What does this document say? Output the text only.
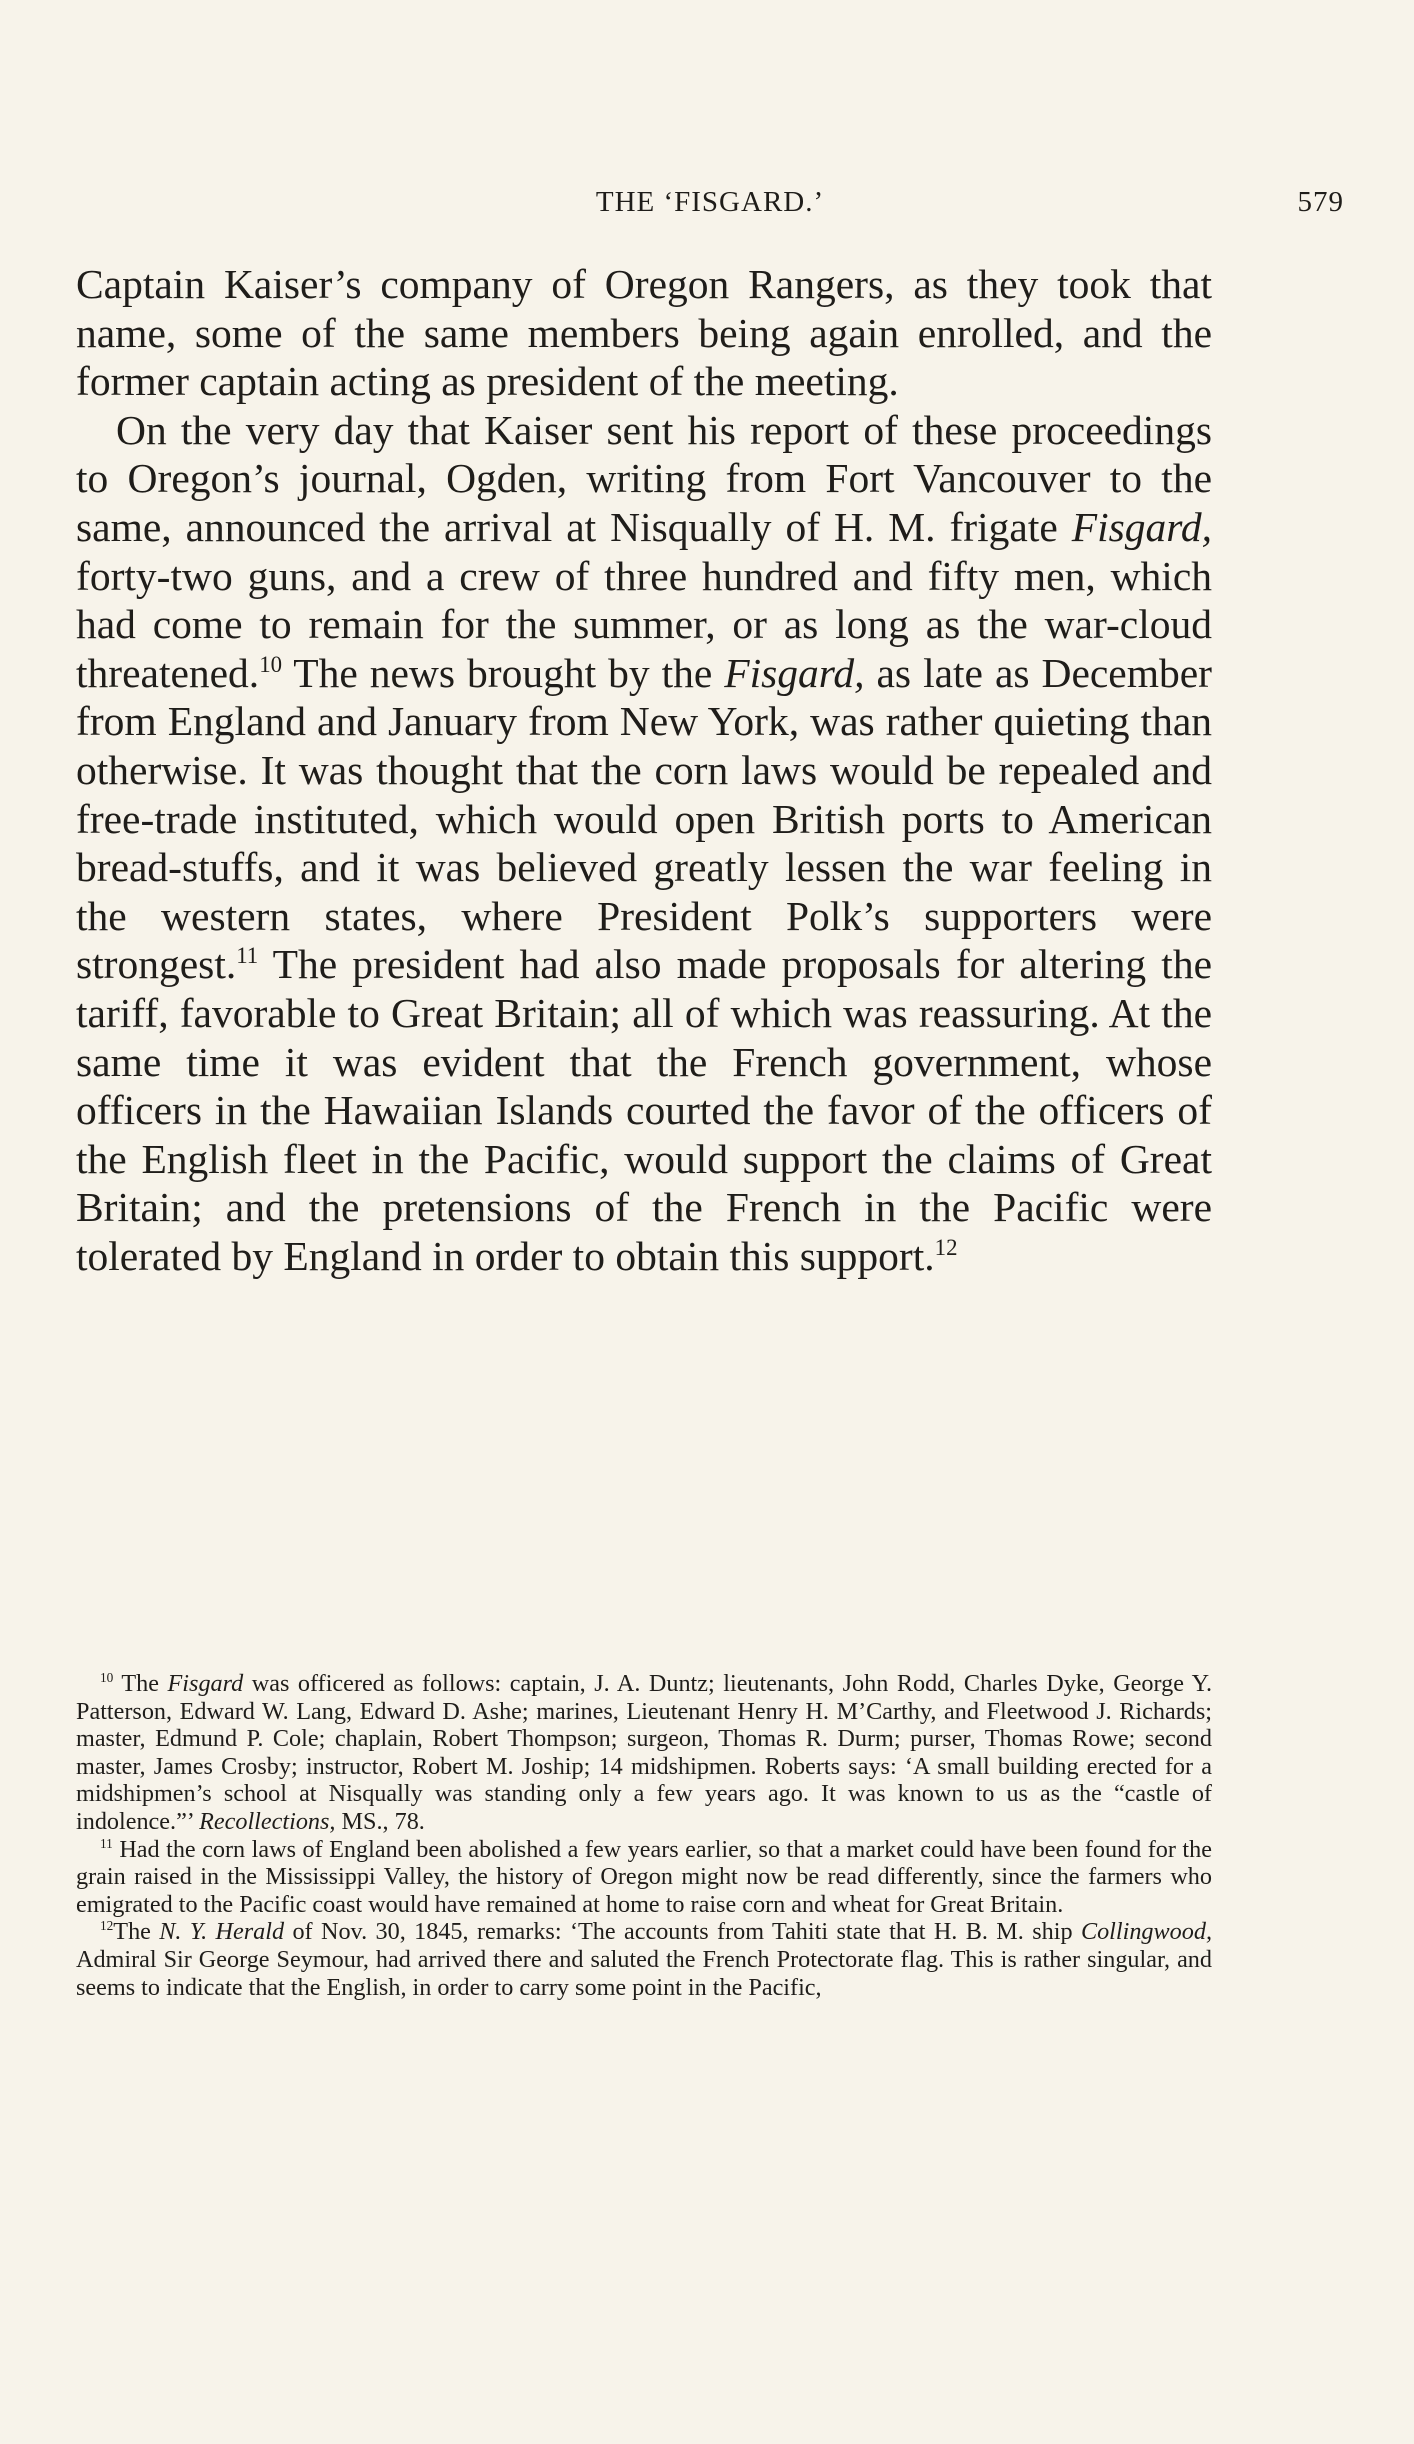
THE ‘FISGARD.’	579

Captain Kaiser’s company of Oregon Rangers, as they took that name, some of the same members being again enrolled, and the former captain acting as president of the meeting.

On the very day that Kaiser sent his report of these proceedings to Oregon’s journal, Ogden, writing from Fort Vancouver to the same, announced the arrival at Nisqually of H. M. frigate Fisgard, forty-two guns, and a crew of three hundred and fifty men, which had come to remain for the summer, or as long as the war-cloud threatened.$^{10}$ The news brought by the Fisgard, as late as December from England and January from New York, was rather quieting than otherwise. It was thought that the corn laws would be repealed and free-trade instituted, which would open British ports to American bread-stuffs, and it was believed greatly lessen the war feeling in the western states, where President Polk’s supporters were strongest.$^{11}$ The president had also made proposals for altering the tariff, favorable to Great Britain; all of which was reassuring. At the same time it was evident that the French government, whose officers in the Hawaiian Islands courted the favor of the officers of the English fleet in the Pacific, would support the claims of Great Britain; and the pretensions of the French in the Pacific were tolerated by England in order to obtain this support.$^{12}$

$^{10}$ The Fisgard was officered as follows: captain, J. A. Duntz; lieutenants, John Rodd, Charles Dyke, George Y. Patterson, Edward W. Lang, Edward D. Ashe; marines, Lieutenant Henry H. M’Carthy, and Fleetwood J. Richards; master, Edmund P. Cole; chaplain, Robert Thompson; surgeon, Thomas R. Durm; purser, Thomas Rowe; second master, James Crosby; instructor, Robert M. Joship; 14 midshipmen. Roberts says: ‘A small building erected for a midshipmen’s school at Nisqually was standing only a few years ago. It was known to us as the “castle of indolence.”’ Recollections, MS., 78.

$^{11}$ Had the corn laws of England been abolished a few years earlier, so that a market could have been found for the grain raised in the Mississippi Valley, the history of Oregon might now be read differently, since the farmers who emigrated to the Pacific coast would have remained at home to raise corn and wheat for Great Britain.

$^{12}$The N. Y. Herald of Nov. 30, 1845, remarks: ‘The accounts from Tahiti state that H. B. M. ship Collingwood, Admiral Sir George Seymour, had arrived there and saluted the French Protectorate flag. This is rather singular, and seems to indicate that the English, in order to carry some point in the Pacific,
